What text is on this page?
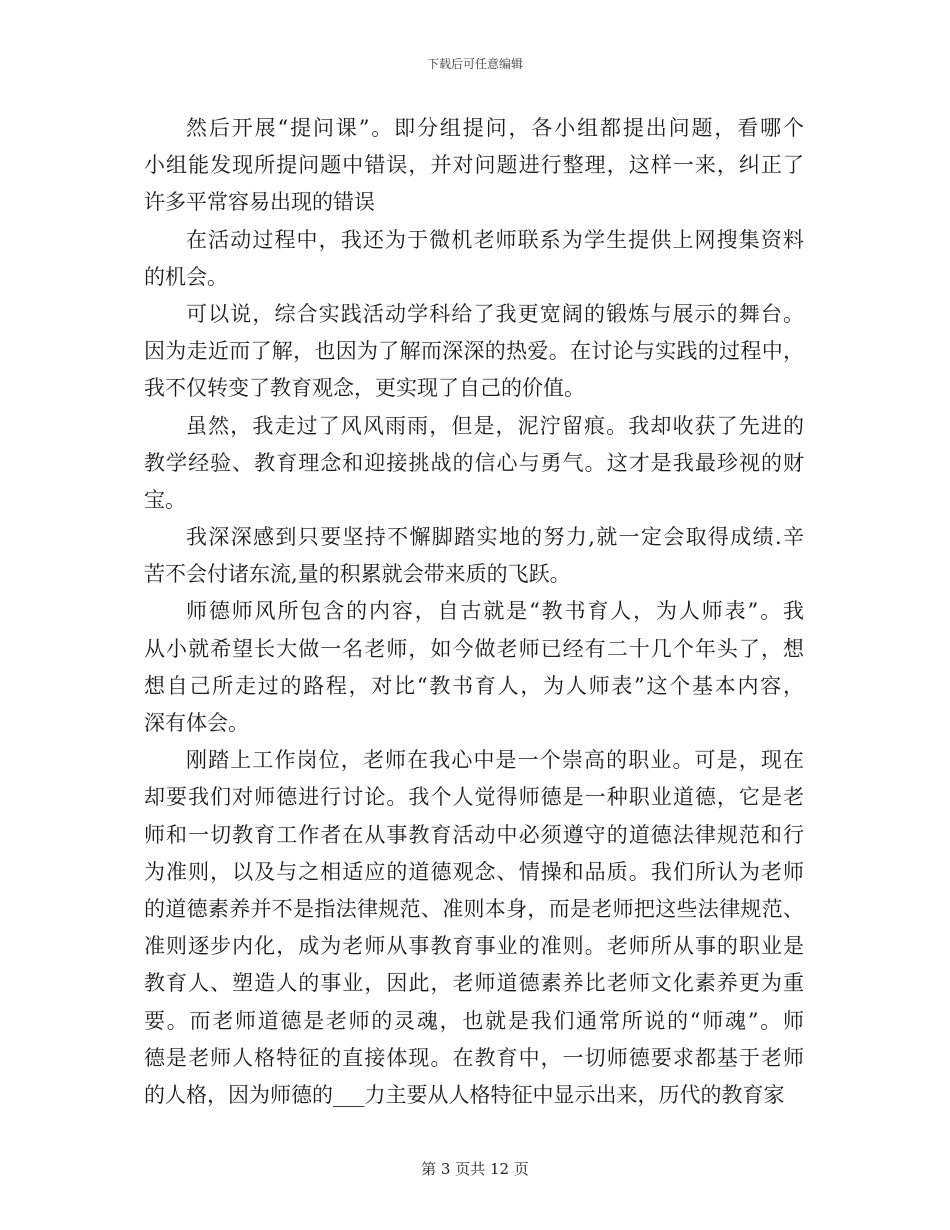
下载后可任意编辑
然后开展“提问课”。即分组提问，各小组都提出问题，看哪个
小组能发现所提问题中错误，并对问题进行整理，这样一来，纠正了
许多平常容易出现的错误
在活动过程中，我还为于微机老师联系为学生提供上网搜集资料
的机会。
可以说，综合实践活动学科给了我更宽阔的锻炼与展示的舞台。
因为走近而了解，也因为了解而深深的热爱。在讨论与实践的过程中，
我不仅转变了教育观念，更实现了自己的价值。
虽然，我走过了风风雨雨，但是，泥泞留痕。我却收获了先进的
教学经验、教育理念和迎接挑战的信心与勇气。这才是我最珍视的财
宝。
我深深感到只要坚持不懈脚踏实地的努力,就一定会取得成绩.辛
苦不会付诸东流,量的积累就会带来质的飞跃。
师德师风所包含的内容，自古就是“教书育人，为人师表”。我
从小就希望长大做一名老师，如今做老师已经有二十几个年头了，想
想自己所走过的路程，对比“教书育人，为人师表”这个基本内容，
深有体会。
刚踏上工作岗位，老师在我心中是一个崇高的职业。可是，现在
却要我们对师德进行讨论。我个人觉得师德是一种职业道德，它是老
师和一切教育工作者在从事教育活动中必须遵守的道德法律规范和行
为准则，以及与之相适应的道德观念、情操和品质。我们所认为老师
的道德素养并不是指法律规范、准则本身，而是老师把这些法律规范、
准则逐步内化，成为老师从事教育事业的准则。老师所从事的职业是
教育人、塑造人的事业，因此，老师道德素养比老师文化素养更为重
要。而老师道德是老师的灵魂，也就是我们通常所说的“师魂”。师
德是老师人格特征的直接体现。在教育中，一切师德要求都基于老师
的人格，因为师德的___力主要从人格特征中显示出来，历代的教育家
第 3 页共 12 页
